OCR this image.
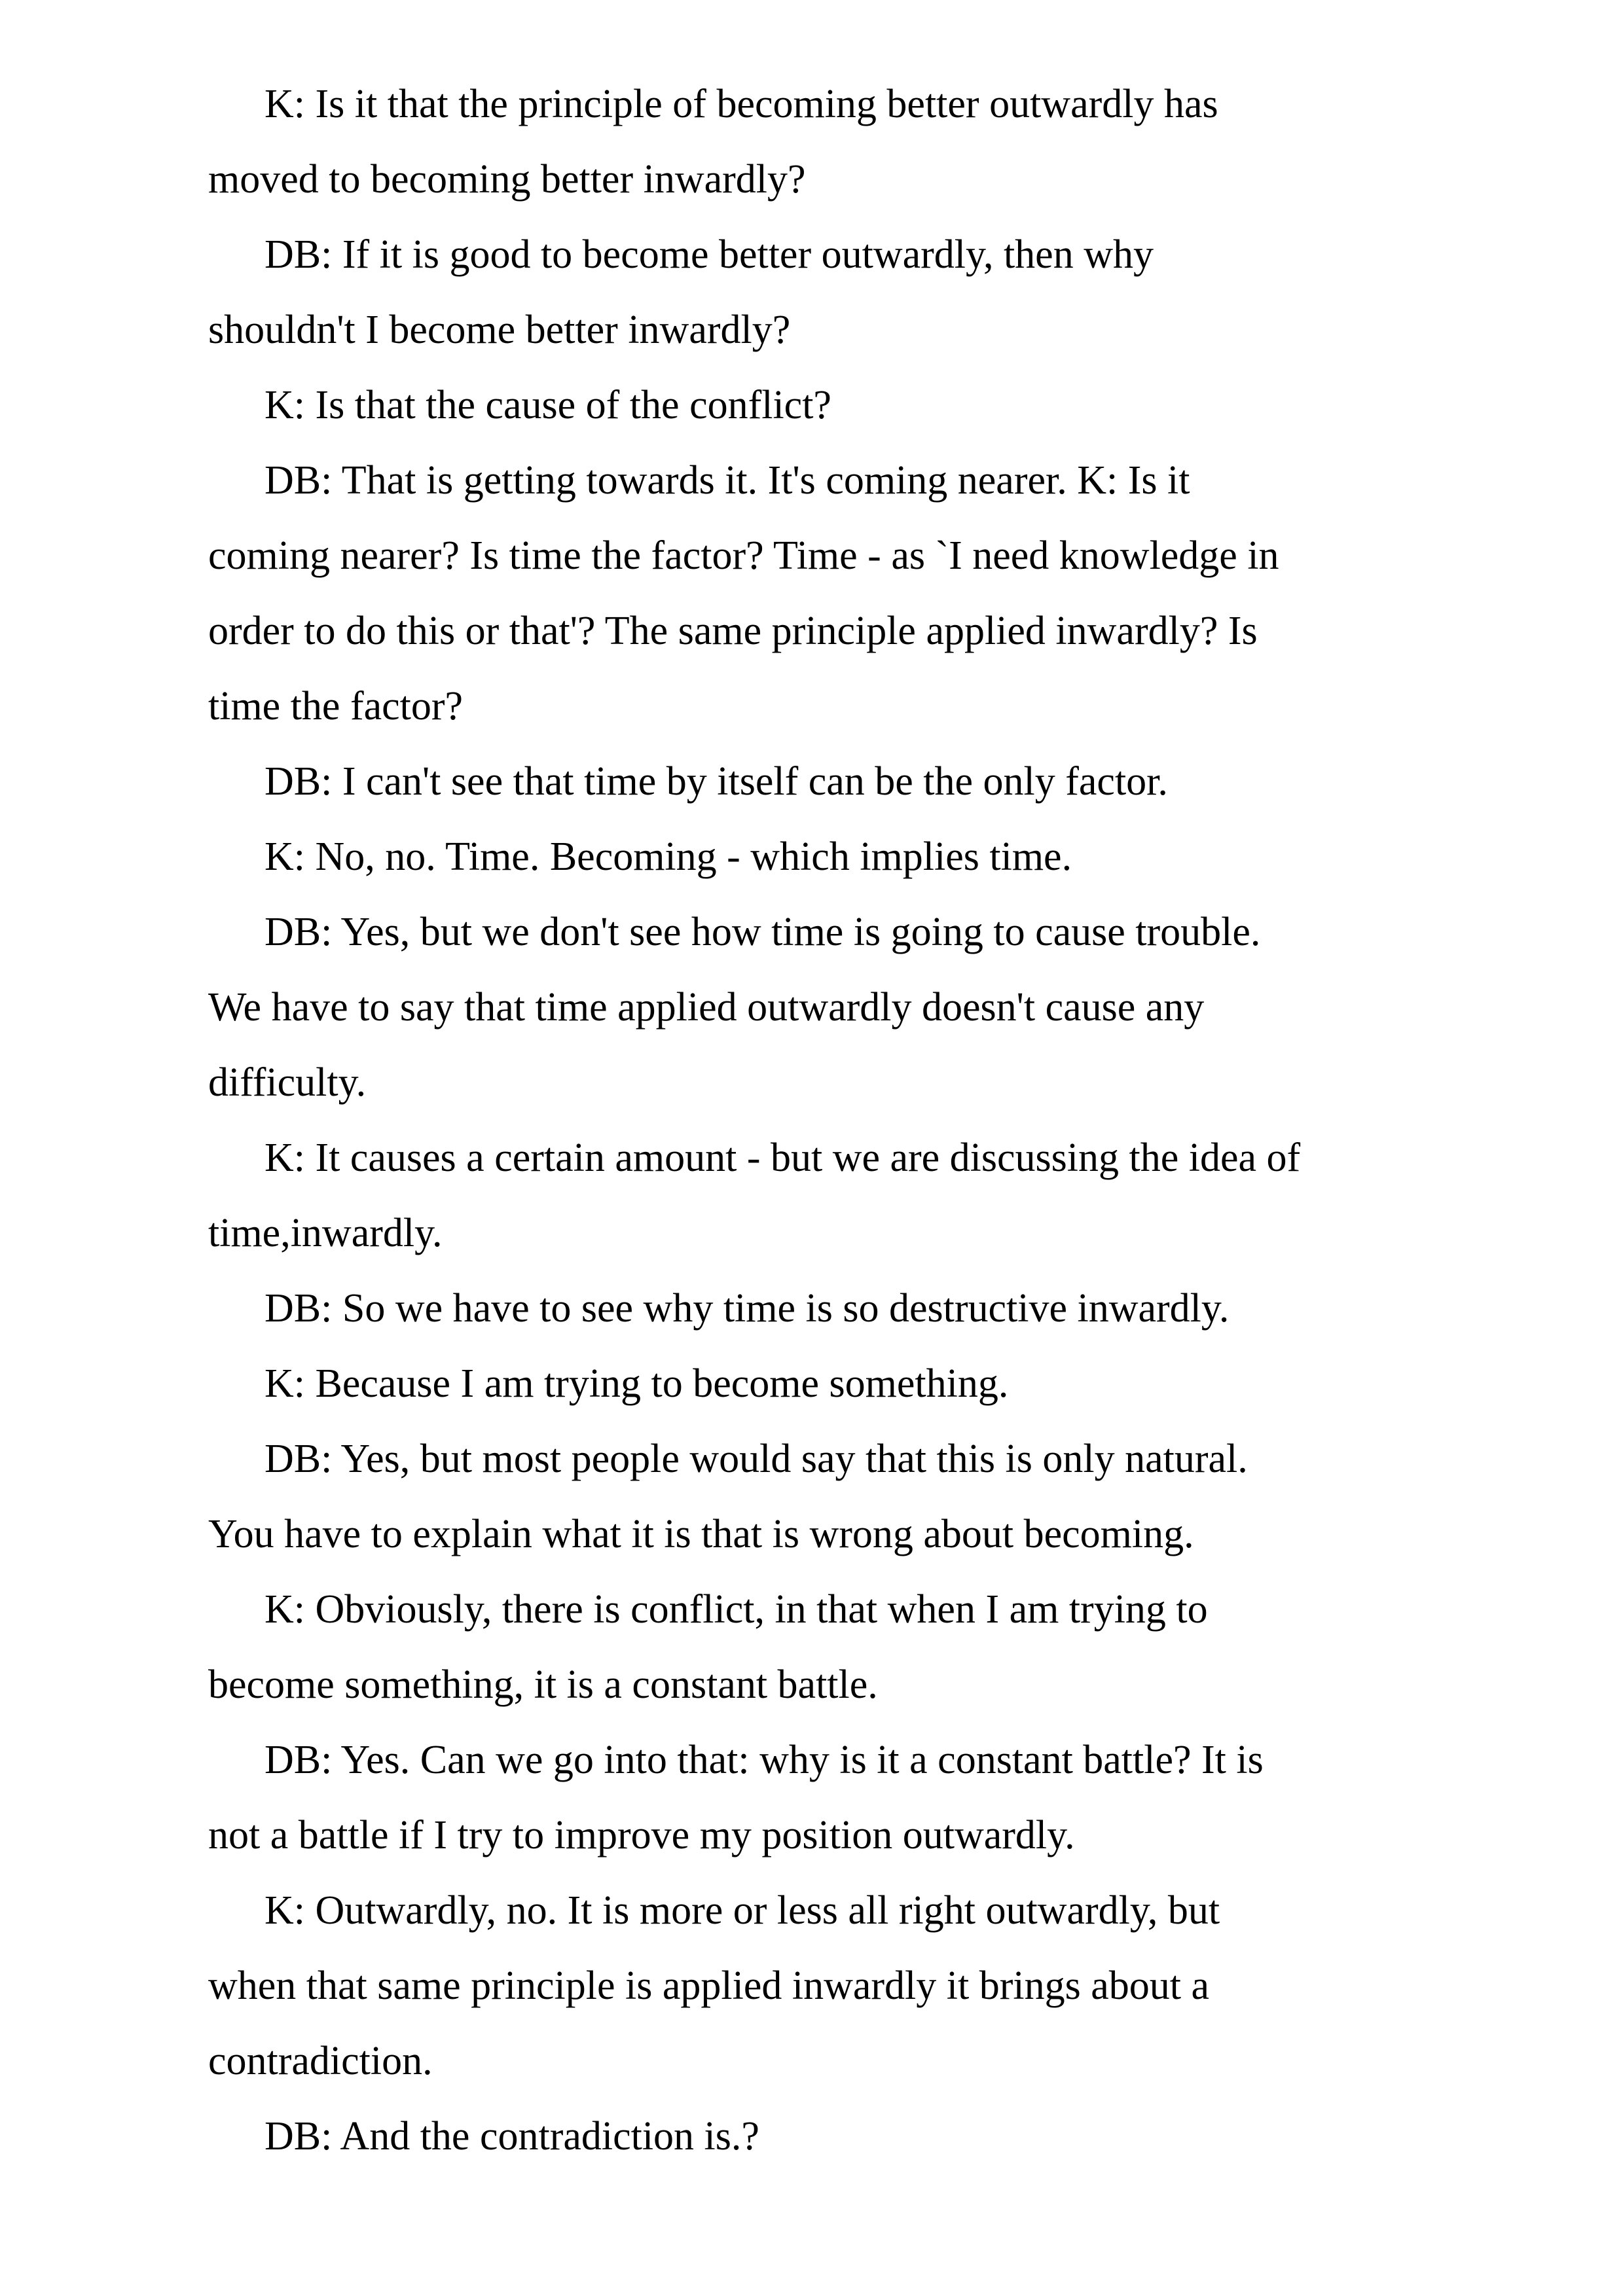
K: Is it that the principle of becoming better outwardly has
moved to becoming better inwardly?

DB: If it is good to become better outwardly, then why
shouldn't I become better inwardly?

K: Is that the cause of the conflict?

DB: That is getting towards it. It's coming nearer. K: Is it
coming nearer? Is time the factor? Time - as `I need knowledge in
order to do this or that'? The same principle applied inwardly? Is
time the factor?

DB: I can't see that time by itself can be the only factor.

K: No, no. Time. Becoming - which implies time.

DB: Yes, but we don't see how time is going to cause trouble.
We have to say that time applied outwardly doesn't cause any
difficulty.

K: It causes a certain amount - but we are discussing the idea of
time,inwardly.

DB: So we have to see why time is so destructive inwardly.

K: Because I am trying to become something.

DB: Yes, but most people would say that this is only natural.
You have to explain what it is that is wrong about becoming.

K: Obviously, there is conflict, in that when I am trying to
become something, it is a constant battle.

DB: Yes. Can we go into that: why is it a constant battle? It is
not a battle if I try to improve my position outwardly.

K: Outwardly, no. It is more or less all right outwardly, but
when that same principle is applied inwardly it brings about a
contradiction.

DB: And the contradiction is.?
